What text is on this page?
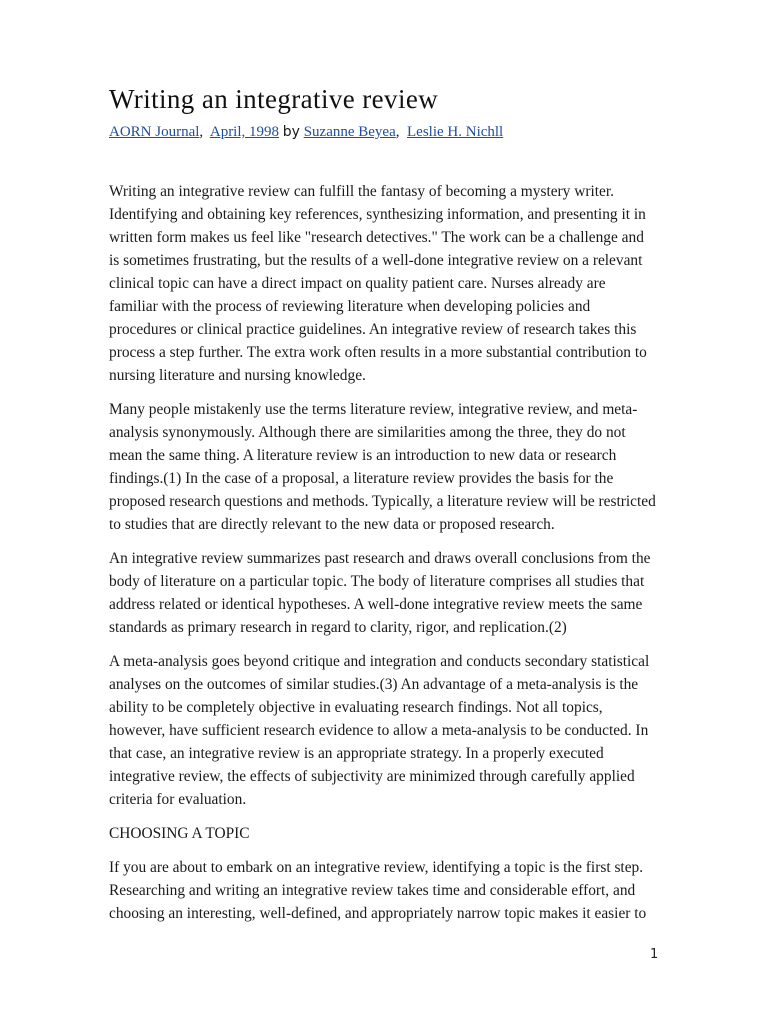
Writing an integrative review
AORN Journal,  April, 1998 by Suzanne Beyea,  Leslie H. Nichll

Writing an integrative review can fulfill the fantasy of becoming a mystery writer. Identifying and obtaining key references, synthesizing information, and presenting it in written form makes us feel like "research detectives." The work can be a challenge and is sometimes frustrating, but the results of a well-done integrative review on a relevant clinical topic can have a direct impact on quality patient care. Nurses already are familiar with the process of reviewing literature when developing policies and procedures or clinical practice guidelines. An integrative review of research takes this process a step further. The extra work often results in a more substantial contribution to nursing literature and nursing knowledge.

Many people mistakenly use the terms literature review, integrative review, and meta-analysis synonymously. Although there are similarities among the three, they do not mean the same thing. A literature review is an introduction to new data or research findings.(1) In the case of a proposal, a literature review provides the basis for the proposed research questions and methods. Typically, a literature review will be restricted to studies that are directly relevant to the new data or proposed research.

An integrative review summarizes past research and draws overall conclusions from the body of literature on a particular topic. The body of literature comprises all studies that address related or identical hypotheses. A well-done integrative review meets the same standards as primary research in regard to clarity, rigor, and replication.(2)

A meta-analysis goes beyond critique and integration and conducts secondary statistical analyses on the outcomes of similar studies.(3) An advantage of a meta-analysis is the ability to be completely objective in evaluating research findings. Not all topics, however, have sufficient research evidence to allow a meta-analysis to be conducted. In that case, an integrative review is an appropriate strategy. In a properly executed integrative review, the effects of subjectivity are minimized through carefully applied criteria for evaluation.

CHOOSING A TOPIC

If you are about to embark on an integrative review, identifying a topic is the first step. Researching and writing an integrative review takes time and considerable effort, and choosing an interesting, well-defined, and appropriately narrow topic makes it easier to

1
